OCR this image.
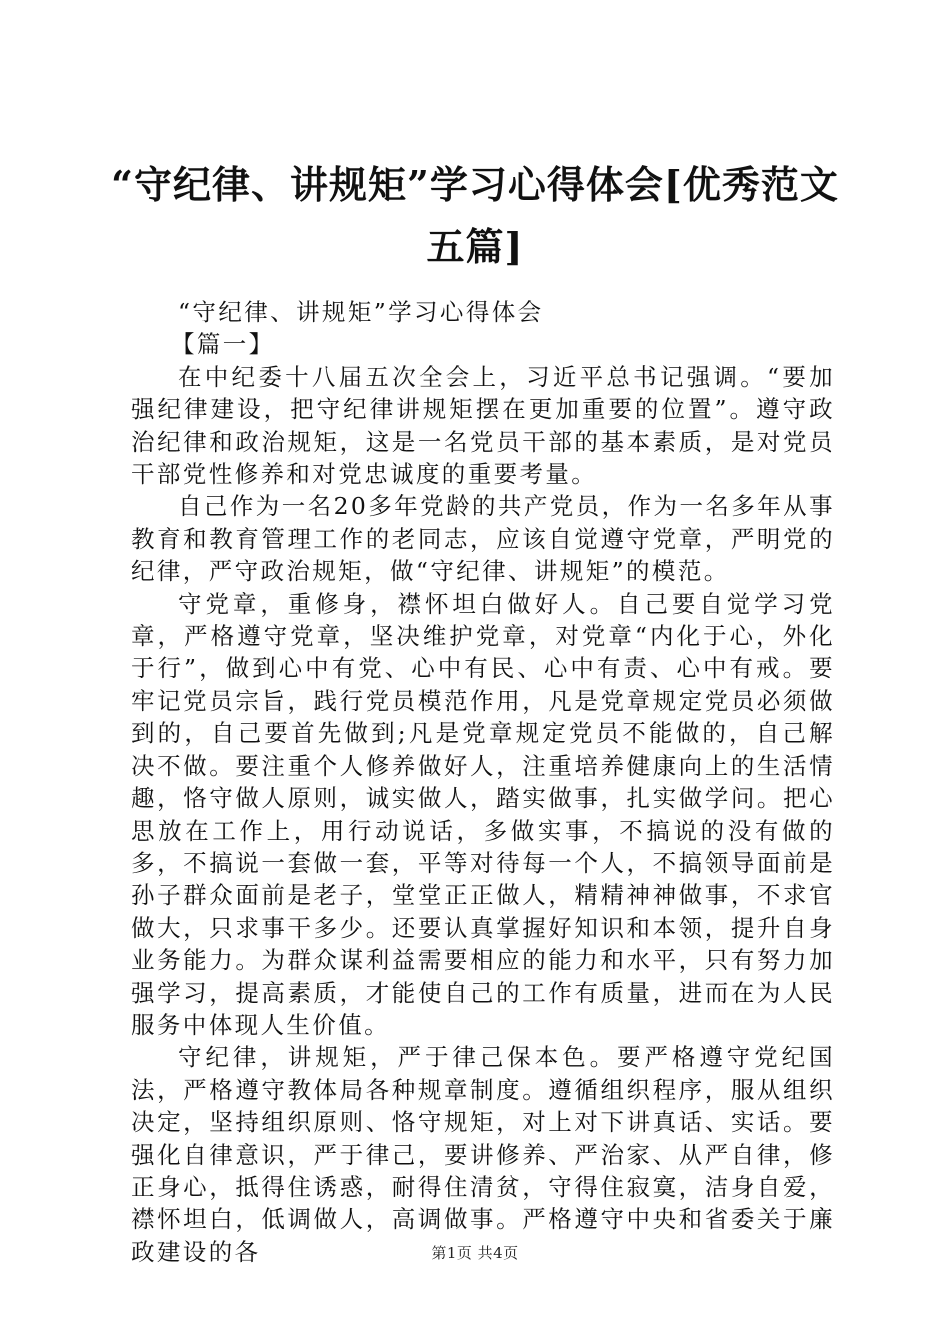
“守纪律、讲规矩”学习心得体会[优秀范文五篇]

“守纪律、讲规矩”学习心得体会

【篇一】

在中纪委十八届五次全会上，习近平总书记强调。“要加强纪律建设，把守纪律讲规矩摆在更加重要的位置”。遵守政治纪律和政治规矩，这是一名党员干部的基本素质，是对党员干部党性修养和对党忠诚度的重要考量。

自己作为一名20多年党龄的共产党员，作为一名多年从事教育和教育管理工作的老同志，应该自觉遵守党章，严明党的纪律，严守政治规矩，做“守纪律、讲规矩”的模范。

守党章，重修身，襟怀坦白做好人。自己要自觉学习党章，严格遵守党章，坚决维护党章，对党章“内化于心，外化于行”，做到心中有党、心中有民、心中有责、心中有戒。要牢记党员宗旨，践行党员模范作用，凡是党章规定党员必须做到的，自己要首先做到;凡是党章规定党员不能做的，自己解决不做。要注重个人修养做好人，注重培养健康向上的生活情趣，恪守做人原则，诚实做人，踏实做事，扎实做学问。把心思放在工作上，用行动说话，多做实事，不搞说的没有做的多，不搞说一套做一套，平等对待每一个人，不搞领导面前是孙子群众面前是老子，堂堂正正做人，精精神神做事，不求官做大，只求事干多少。还要认真掌握好知识和本领，提升自身业务能力。为群众谋利益需要相应的能力和水平，只有努力加强学习，提高素质，才能使自己的工作有质量，进而在为人民服务中体现人生价值。

守纪律，讲规矩，严于律己保本色。要严格遵守党纪国法，严格遵守教体局各种规章制度。遵循组织程序，服从组织决定，坚持组织原则、恪守规矩，对上对下讲真话、实话。要强化自律意识，严于律己，要讲修养、严治家、从严自律，修正身心，抵得住诱惑，耐得住清贫，守得住寂寞，洁身自爱，襟怀坦白，低调做人，高调做事。严格遵守中央和省委关于廉政建设的各	第1页 共4页
